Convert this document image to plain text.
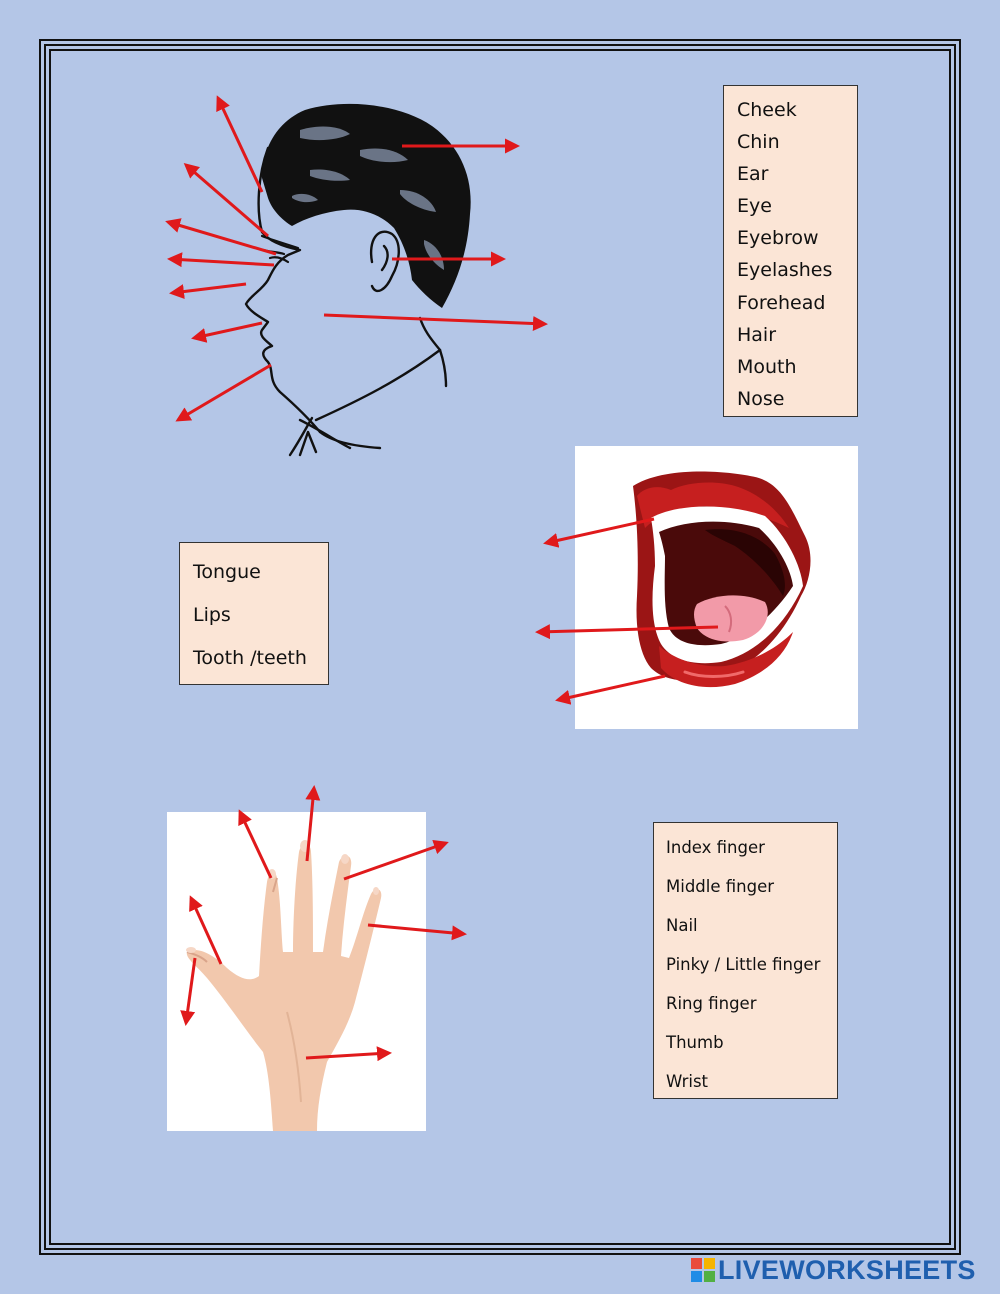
Cheek
Chin
Ear
Eye
Eyebrow
Eyelashes
Forehead
Hair
Mouth
Nose
Tongue
Lips
Tooth /teeth
Index finger
Middle finger
Nail
Pinky / Little finger
Ring finger
Thumb
Wrist
LIVEWORKSHEETS
